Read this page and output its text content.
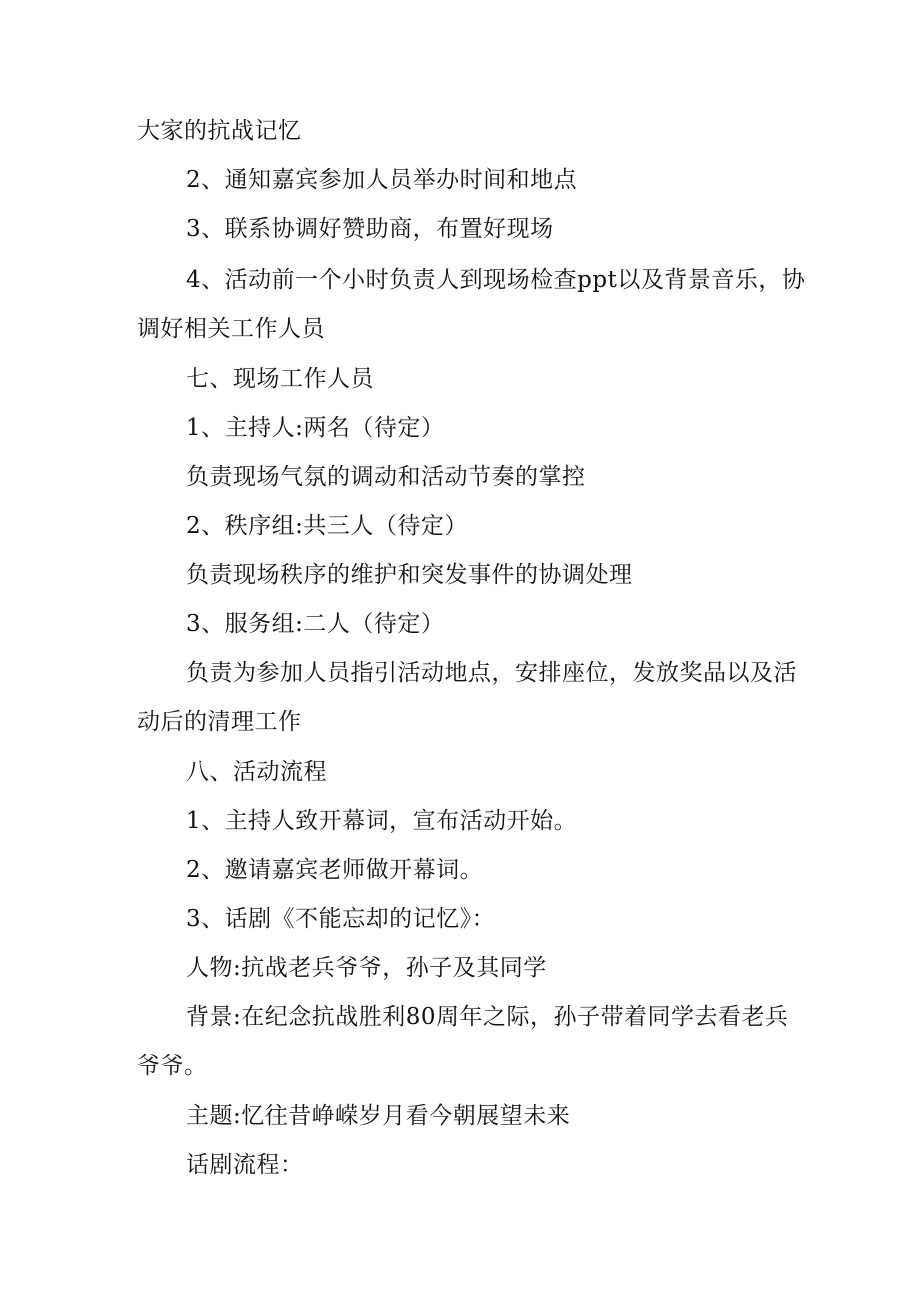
大家的抗战记忆
2、通知嘉宾参加人员举办时间和地点
3、联系协调好赞助商，布置好现场
4、活动前一个小时负责人到现场检查ppt以及背景音乐，协
调好相关工作人员
七、现场工作人员
1、主持人:两名（待定）
负责现场气氛的调动和活动节奏的掌控
2、秩序组:共三人（待定）
负责现场秩序的维护和突发事件的协调处理
3、服务组:二人（待定）
负责为参加人员指引活动地点，安排座位，发放奖品以及活
动后的清理工作
八、活动流程
1、主持人致开幕词，宣布活动开始。
2、邀请嘉宾老师做开幕词。
3、话剧《不能忘却的记忆》：
人物:抗战老兵爷爷，孙子及其同学
背景:在纪念抗战胜利80周年之际，孙子带着同学去看老兵
爷爷。
主题:忆往昔峥嵘岁月看今朝展望未来
话剧流程：
